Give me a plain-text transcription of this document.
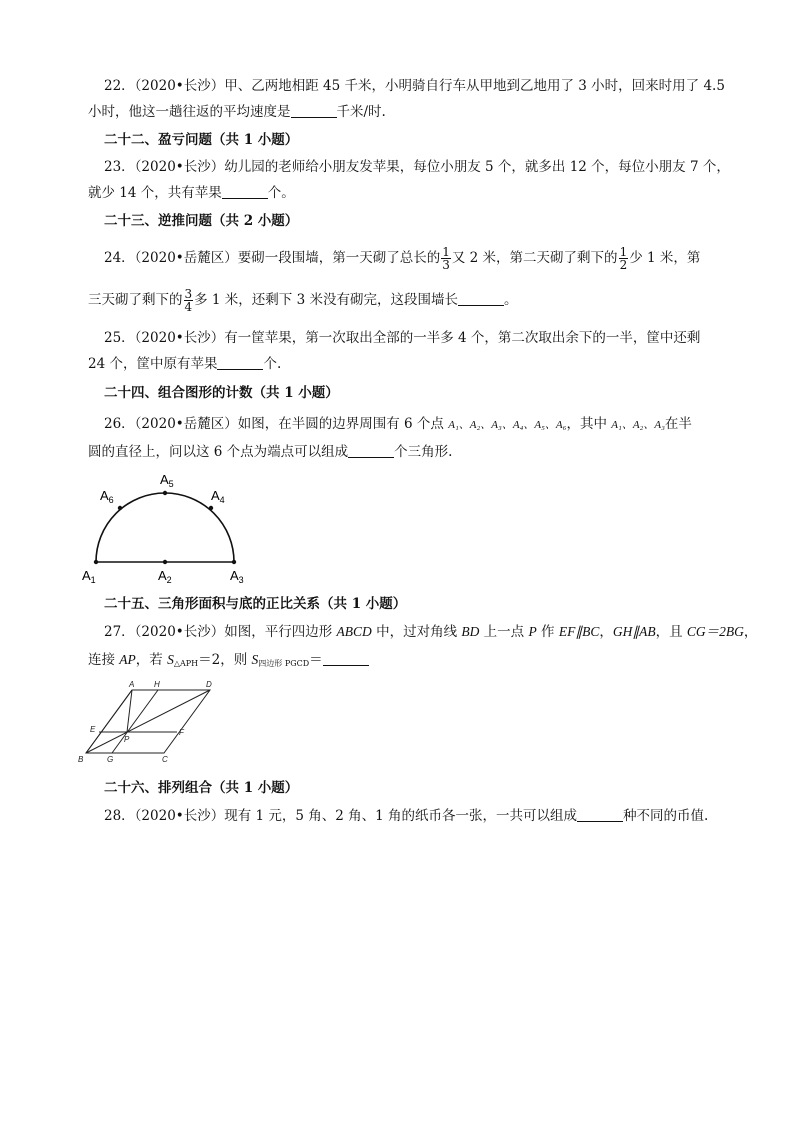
22．（2020•长沙）甲、乙两地相距 45 千米，小明骑自行车从甲地到乙地用了 3 小时，回来时用了 4.5
小时，他这一趟往返的平均速度是	千米/时.
二十二、盈亏问题（共 1 小题）
23．（2020•长沙）幼儿园的老师给小朋友发苹果，每位小朋友 5 个，就多出 12 个，每位小朋友 7 个，
就少 14 个，共有苹果	个。
二十三、逆推问题（共 2 小题）
24．（2020•岳麓区）要砌一段围墙，第一天砌了总长的 $\frac{1}{3}$ 又 2 米，第二天砌了剩下的 $\frac{1}{2}$ 少 1 米，第
三天砌了剩下的 $\frac{3}{4}$ 多 1 米，还剩下 3 米没有砌完，这段围墙长	。
25．（2020•长沙）有一筐苹果，第一次取出全部的一半多 4 个，第二次取出余下的一半，筐中还剩
24 个，筐中原有苹果	个.
二十四、组合图形的计数（共 1 小题）
26．（2020•岳麓区）如图，在半圆的边界周围有 6 个点 A₁、A₂、A₃、A₄、A₅、A₆，其中 A₁、A₂、A₃在半
圆的直径上，问以这 6 个点为端点可以组成	个三角形.
$A_1$	$A_2$	$A_3$
$A_4$
$A_5$
$A_6$
二十五、三角形面积与底的正比关系（共 1 小题）
27．（2020•长沙）如图，平行四边形 ABCD 中，过对角线 BD 上一点 P 作 EF∥BC，GH∥AB，且 CG＝2BG，
连接 AP，若 $S_{\triangle APH}=2$，则 $S_{四边形 PGCD}=$
A H	D
E
P
F
B	G	C
二十六、排列组合（共 1 小题）
28．（2020•长沙）现有 1 元，5 角、2 角、1 角的纸币各一张，一共可以组成	种不同的币值.
